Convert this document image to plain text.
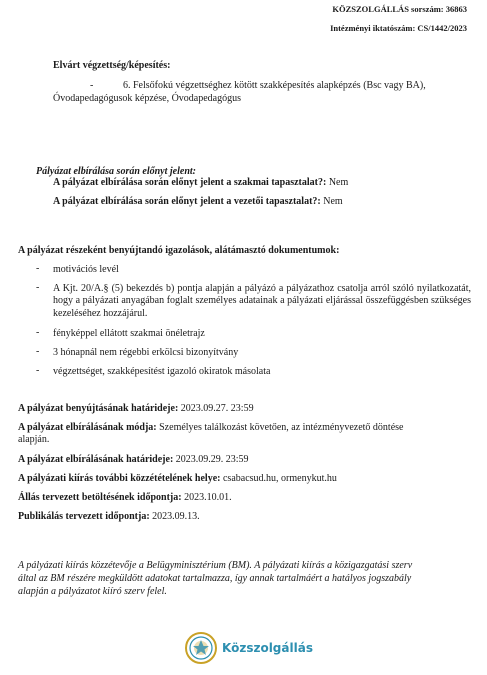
KÖZSZOLGÁLLÁS sorszám: 36863
Intézményi iktatószám: CS/1442/2023
Elvárt végzettség/képesítés:
-	6. Felsőfokú végzettséghez kötött szakképesítés alapképzés (Bsc vagy BA),
Óvodapedagógusok képzése, Óvodapedagógus
Pályázat elbírálása során előnyt jelent:
A pályázat elbírálása során előnyt jelent a szakmai tapasztalat?: Nem
A pályázat elbírálása során előnyt jelent a vezetői tapasztalat?: Nem
A pályázat részeként benyújtandó igazolások, alátámasztó dokumentumok:
- motivációs levél
- A Kjt. 20/A.§ (5) bekezdés b) pontja alapján a pályázó a pályázathoz csatolja arról szóló nyilatkozatát, hogy a pályázati anyagában foglalt személyes adatainak a pályázati eljárással összefüggésben szükséges kezeléséhez hozzájárul.
- fényképpel ellátott szakmai önéletrajz
- 3 hónapnál nem régebbi erkölcsi bizonyítvány
- végzettséget, szakképesítést igazoló okiratok másolata
A pályázat benyújtásának határideje: 2023.09.27. 23:59
A pályázat elbírálásának módja: Személyes találkozást követően, az intézményvezető döntése
alapján.
A pályázat elbírálásának határideje: 2023.09.29. 23:59
A pályázati kiírás további közzétételének helye: csabacsud.hu, ormenykut.hu
Állás tervezett betöltésének időpontja: 2023.10.01.
Publikálás tervezett időpontja: 2023.09.13.
A pályázati kiírás közzétevője a Belügyminisztérium (BM). A pályázati kiírás a közigazgatási szerv
által az BM részére megküldött adatokat tartalmazza, így annak tartalmáért a hatályos jogszabály
alapján a pályázatot kiíró szerv felel.
Közszolgállás
